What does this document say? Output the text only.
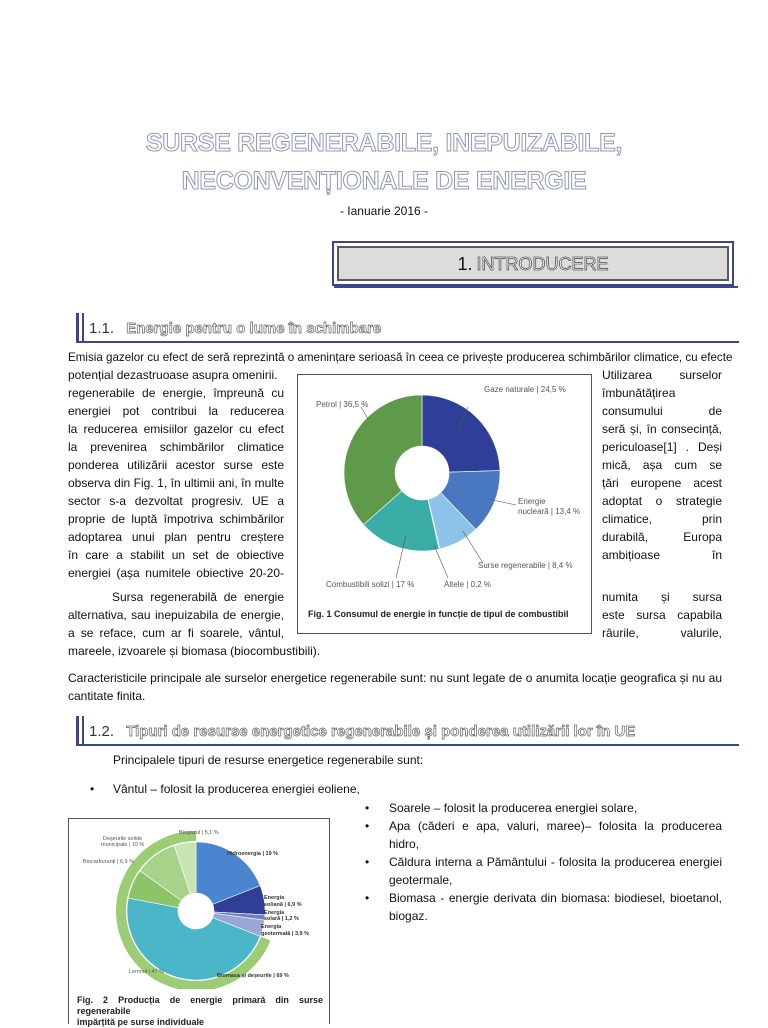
SURSE REGENERABILE, INEPUIZABILE,
NECONVENȚIONALE DE ENERGIE
- Ianuarie 2016 -
1. INTRODUCERE
1.1. Energie pentru o lume în schimbare
Emisia gazelor cu efect de seră reprezintă o amenințare serioasă în ceea ce privește producerea schimbărilor climatice, cu efecte
potențial dezastruoase asupra omenirii.
regenerabile de energie, împreună cu
energiei pot contribui la reducerea
la reducerea emisiilor gazelor cu efect
la prevenirea schimbărilor climatice
ponderea utilizării acestor surse este
observa din Fig. 1, în ultimii ani, în multe
sector s-a dezvoltat progresiv. UE a
proprie de luptă împotriva schimbărilor
adoptarea unui plan pentru creștere
în care a stabilit un set de obiective
energiei (așa numitele obiective 20-20-
Utilizarea surselor
îmbunătățirea
consumului de
seră și, în consecință,
periculoase[1] . Deși
mică, așa cum se
țări europene acest
adoptat o strategie
climatice, prin
durabilă, Europa
ambițioase în
Sursa regenerabilă de energie
alternativa, sau inepuizabila de energie,
a se reface, cum ar fi soarele, vântul,
mareele, izvoarele și biomasa (biocombustibili).
numita și sursa
este sursa capabila
râurile, valurile,
Gaze naturale | 24,5 %
Petrol | 36,5 %
Energie
nucleară | 13,4 %
Surse regenerabile | 8,4 %
Combustibili solizi | 17 %	Altele | 0,2 %
Fig. 1 Consumul de energie în funcție de tipul de combustibil
Caracteristicile principale ale surselor energetice regenerabile sunt: nu sunt legate de o anumita locație geografica și nu au
cantitate finita.
1.2. Tipuri de resurse energetice regenerabile și ponderea utilizării lor în UE
Principalele tipuri de resurse energetice regenerabile sunt:
• Vântul – folosit la producerea energiei eoliene,
• Soarele – folosit la producerea energiei solare,
• Apa (căderi e apa, valuri, maree)– folosita la producerea
hidro,
• Căldura interna a Pământului - folosita la producerea energiei
geotermale,
• Biomasa - energie derivata din biomasa: biodiesel, bioetanol,
biogaz.
Deșeurile solide
municipale | 10 %
Biogazul | 5,1 %
Biocarburanți | 6,9 %
Hidroenergia | 19 %
Energia
eoliană | 6,9 %
Energia
solară | 1,2 %
Energia
geotermală | 3,9 %
Lemnul | 47 %
Biomasa și deșeurile | 69 %
Fig. 2 Producția de energie primară din surse regenerabile
împărțită pe surse individuale
